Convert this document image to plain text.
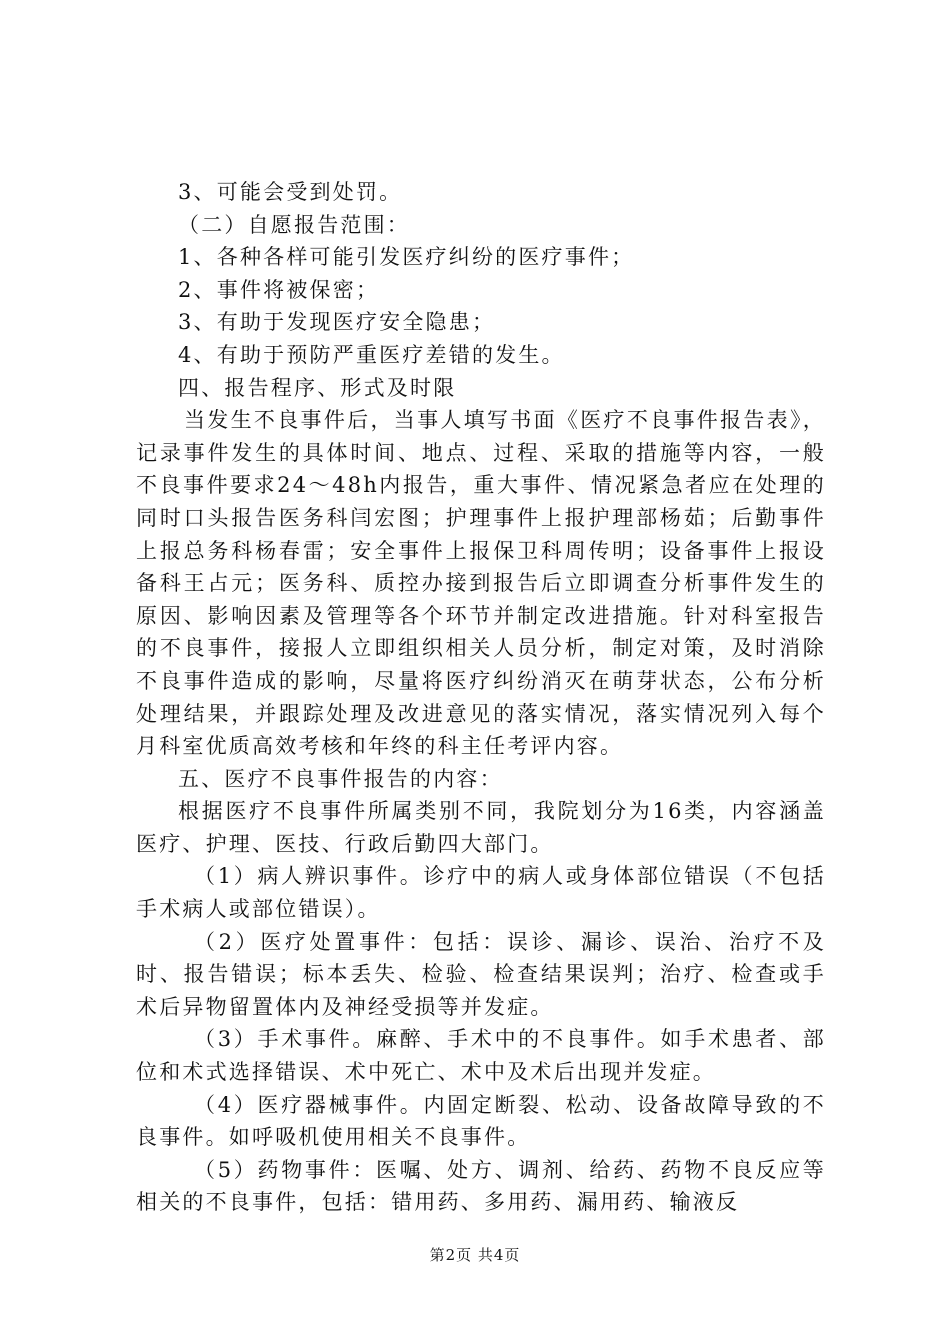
3、可能会受到处罚。

（二）自愿报告范围：

1、各种各样可能引发医疗纠纷的医疗事件；

2、事件将被保密；

3、有助于发现医疗安全隐患；

4、有助于预防严重医疗差错的发生。

四、报告程序、形式及时限

当发生不良事件后，当事人填写书面《医疗不良事件报告表》，记录事件发生的具体时间、地点、过程、采取的措施等内容，一般不良事件要求24～48h内报告，重大事件、情况紧急者应在处理的同时口头报告医务科闫宏图；护理事件上报护理部杨茹；后勤事件上报总务科杨春雷；安全事件上报保卫科周传明；设备事件上报设备科王占元；医务科、质控办接到报告后立即调查分析事件发生的原因、影响因素及管理等各个环节并制定改进措施。针对科室报告的不良事件，接报人立即组织相关人员分析，制定对策，及时消除不良事件造成的影响，尽量将医疗纠纷消灭在萌芽状态，公布分析处理结果，并跟踪处理及改进意见的落实情况，落实情况列入每个月科室优质高效考核和年终的科主任考评内容。

五、医疗不良事件报告的内容：

根据医疗不良事件所属类别不同，我院划分为16类，内容涵盖医疗、护理、医技、行政后勤四大部门。

（1）病人辨识事件。诊疗中的病人或身体部位错误（不包括手术病人或部位错误）。

（2）医疗处置事件：包括：误诊、漏诊、误治、治疗不及时、报告错误；标本丢失、检验、检查结果误判；治疗、检查或手术后异物留置体内及神经受损等并发症。

（3）手术事件。麻醉、手术中的不良事件。如手术患者、部位和术式选择错误、术中死亡、术中及术后出现并发症。

（4）医疗器械事件。内固定断裂、松动、设备故障导致的不良事件。如呼吸机使用相关不良事件。

（5）药物事件：医嘱、处方、调剂、给药、药物不良反应等相关的不良事件，包括：错用药、多用药、漏用药、输液反

第2页 共4页
